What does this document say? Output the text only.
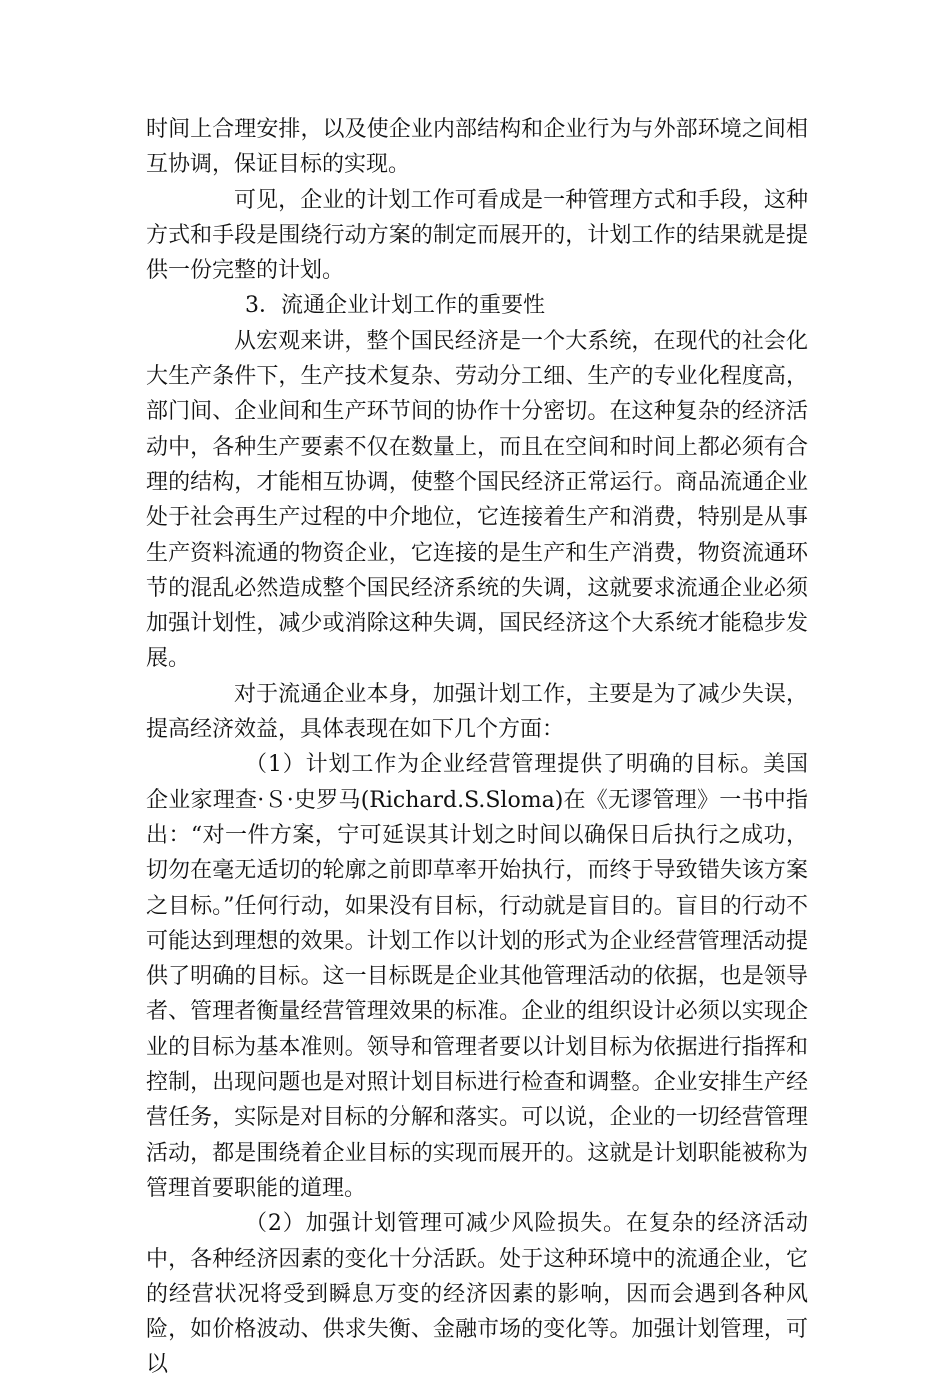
时间上合理安排，以及使企业内部结构和企业行为与外部环境之间相互协调，保证目标的实现。

可见，企业的计划工作可看成是一种管理方式和手段，这种方式和手段是围绕行动方案的制定而展开的，计划工作的结果就是提供一份完整的计划。

3．流通企业计划工作的重要性

从宏观来讲，整个国民经济是一个大系统，在现代的社会化大生产条件下，生产技术复杂、劳动分工细、生产的专业化程度高，部门间、企业间和生产环节间的协作十分密切。在这种复杂的经济活动中，各种生产要素不仅在数量上，而且在空间和时间上都必须有合理的结构，才能相互协调，使整个国民经济正常运行。商品流通企业处于社会再生产过程的中介地位，它连接着生产和消费，特别是从事生产资料流通的物资企业，它连接的是生产和生产消费，物资流通环节的混乱必然造成整个国民经济系统的失调，这就要求流通企业必须加强计划性，减少或消除这种失调，国民经济这个大系统才能稳步发展。

对于流通企业本身，加强计划工作，主要是为了减少失误，提高经济效益，具体表现在如下几个方面：

（1）计划工作为企业经营管理提供了明确的目标。美国企业家理查·Ｓ·史罗马(Richard.S.Sloma)在《无谬管理》一书中指出：“对一件方案，宁可延误其计划之时间以确保日后执行之成功，切勿在毫无适切的轮廓之前即草率开始执行，而终于导致错失该方案之目标。”任何行动，如果没有目标，行动就是盲目的。盲目的行动不可能达到理想的效果。计划工作以计划的形式为企业经营管理活动提供了明确的目标。这一目标既是企业其他管理活动的依据，也是领导者、管理者衡量经营管理效果的标准。企业的组织设计必须以实现企业的目标为基本准则。领导和管理者要以计划目标为依据进行指挥和控制，出现问题也是对照计划目标进行检查和调整。企业安排生产经营任务，实际是对目标的分解和落实。可以说，企业的一切经营管理活动，都是围绕着企业目标的实现而展开的。这就是计划职能被称为管理首要职能的道理。

（2）加强计划管理可减少风险损失。在复杂的经济活动中，各种经济因素的变化十分活跃。处于这种环境中的流通企业，它的经营状况将受到瞬息万变的经济因素的影响，因而会遇到各种风险，如价格波动、供求失衡、金融市场的变化等。加强计划管理，可以
